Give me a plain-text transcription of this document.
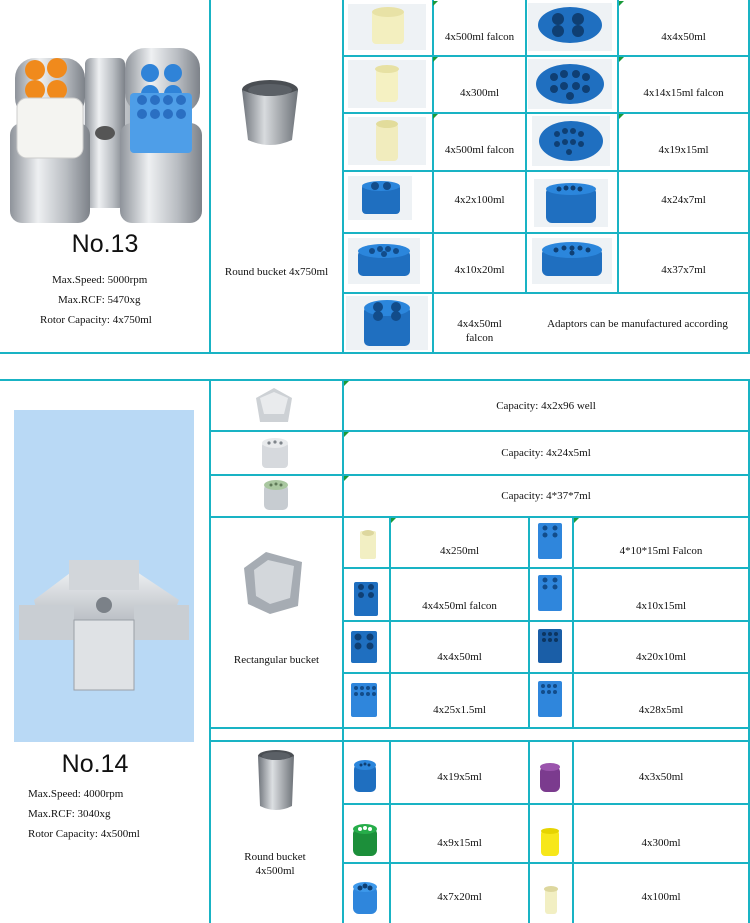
No.13
Max.Speed: 5000rpm
Max.RCF: 5470xg
Rotor Capacity: 4x750ml
Round bucket 4x750ml
4x500ml falcon
4x300ml
4x500ml falcon
4x2x100ml
4x10x20ml
4x4x50ml falcon
4x4x50ml
4x14x15ml falcon
4x19x15ml
4x24x7ml
4x37x7ml
Adaptors can be manufactured according
No.14
Max.Speed: 4000rpm
Max.RCF: 3040xg
Rotor Capacity: 4x500ml
Capacity: 4x2x96 well
Capacity: 4x24x5ml
Capacity: 4*37*7ml
Rectangular bucket
4x250ml
4x4x50ml falcon
4x4x50ml
4x25x1.5ml
4*10*15ml Falcon
4x10x15ml
4x20x10ml
4x28x5ml
Round bucket 4x500ml
4x19x5ml
4x9x15ml
4x7x20ml
4x3x50ml
4x300ml
4x100ml
